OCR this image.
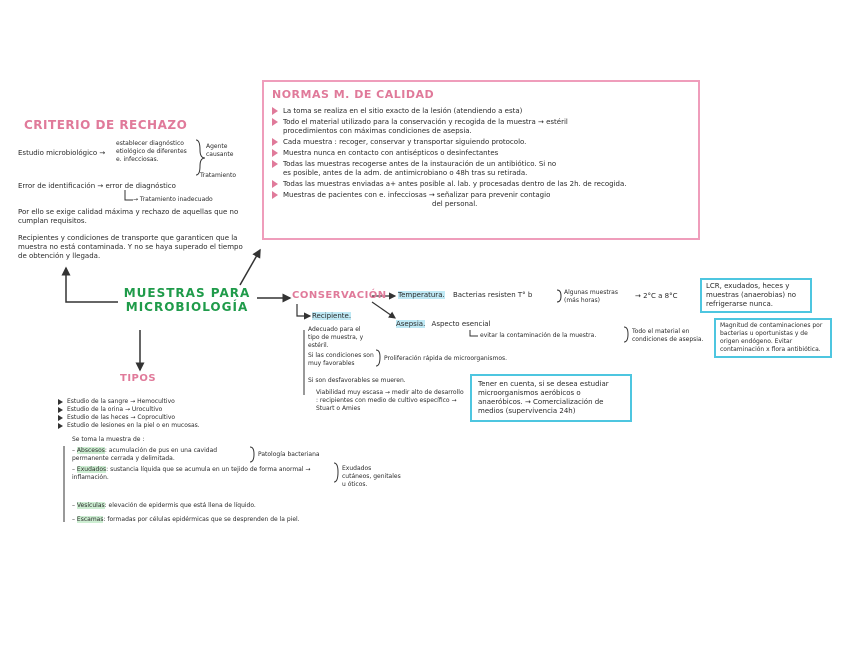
CRITERIO DE RECHAZO
Estudio microbiológico →
establecer diagnóstico
etiológico de diferentes
e. infecciosas.
Agente causante
Tratamiento
Error de identificación → error de diagnóstico
→ Tratamiento inadecuado
Por ello se exige calidad máxima y rechazo de aquellas que no cumplan requisitos.
Recipientes y condiciones de transporte que garanticen que la muestra no está contaminada. Y no se haya superado el tiempo de obtención y llegada.
NORMAS M. DE CALIDAD
La toma se realiza en el sitio exacto de la lesión (atendiendo a esta)
Todo el material utilizado para la conservación y recogida de la muestra → estéril
procedimientos con máximas condiciones de asepsia.
Cada muestra : recoger, conservar y transportar siguiendo protocolo.
Muestra nunca en contacto con antisépticos o desinfectantes
Todas las muestras recogerse antes de la instauración de un antibiótico. Si no
es posible, antes de la adm. de antimicrobiano o 48h tras su retirada.
Todas las muestras enviadas a+ antes posible al. lab. y procesadas dentro de las 2h. de recogida.
Muestras de pacientes con e. infecciosas → señalizar para prevenir contagio
del personal.
MUESTRAS PARA MICROBIOLOGÍA
CONSERVACIÓN Temperatura. Bacterias resisten T° b	Algunas muestras (más horas)
→ 2°C a 8°C
LCR, exudados, heces y muestras (anaerobias) no refrigerarse nunca.
Asepsia. Aspecto esencial
evitar la contaminación de la muestra.
Todo el material en condiciones de asepsia.
Magnitud de contaminaciones por bacterias u oportunistas y de origen endógeno. Evitar contaminación x flora antibiótica.
Recipiente.
Adecuado para el tipo de muestra, y estéril.
Si las condiciones son muy favorables
Proliferación rápida de microorganismos.
Si son desfavorables se mueren.
Viabilidad muy escasa → medir alto de desarrollo : recipientes con medio de cultivo específico → Stuart o Amies
Tener en cuenta, si se desea estudiar microorganismos aeróbicos o anaeróbicos. → Comercialización de medios (supervivencia 24h)
TIPOS
Estudio de la sangre → Hemocultivo
Estudio de la orina → Urocultivo
Estudio de las heces → Coprocultivo
Estudio de lesiones en la piel o en mucosas.
Se toma la muestra de :
– Abscesos: acumulación de pus en una cavidad permanente cerrada y delimitada.
Patología bacteriana
– Exudados: sustancia líquida que se acumula en un tejido de forma anormal → inflamación.
Exudados cutáneos, genitales u óticos.
– Vesículas: elevación de epidermis que está llena de líquido.
– Escamas: formadas por células epidérmicas que se desprenden de la piel.
